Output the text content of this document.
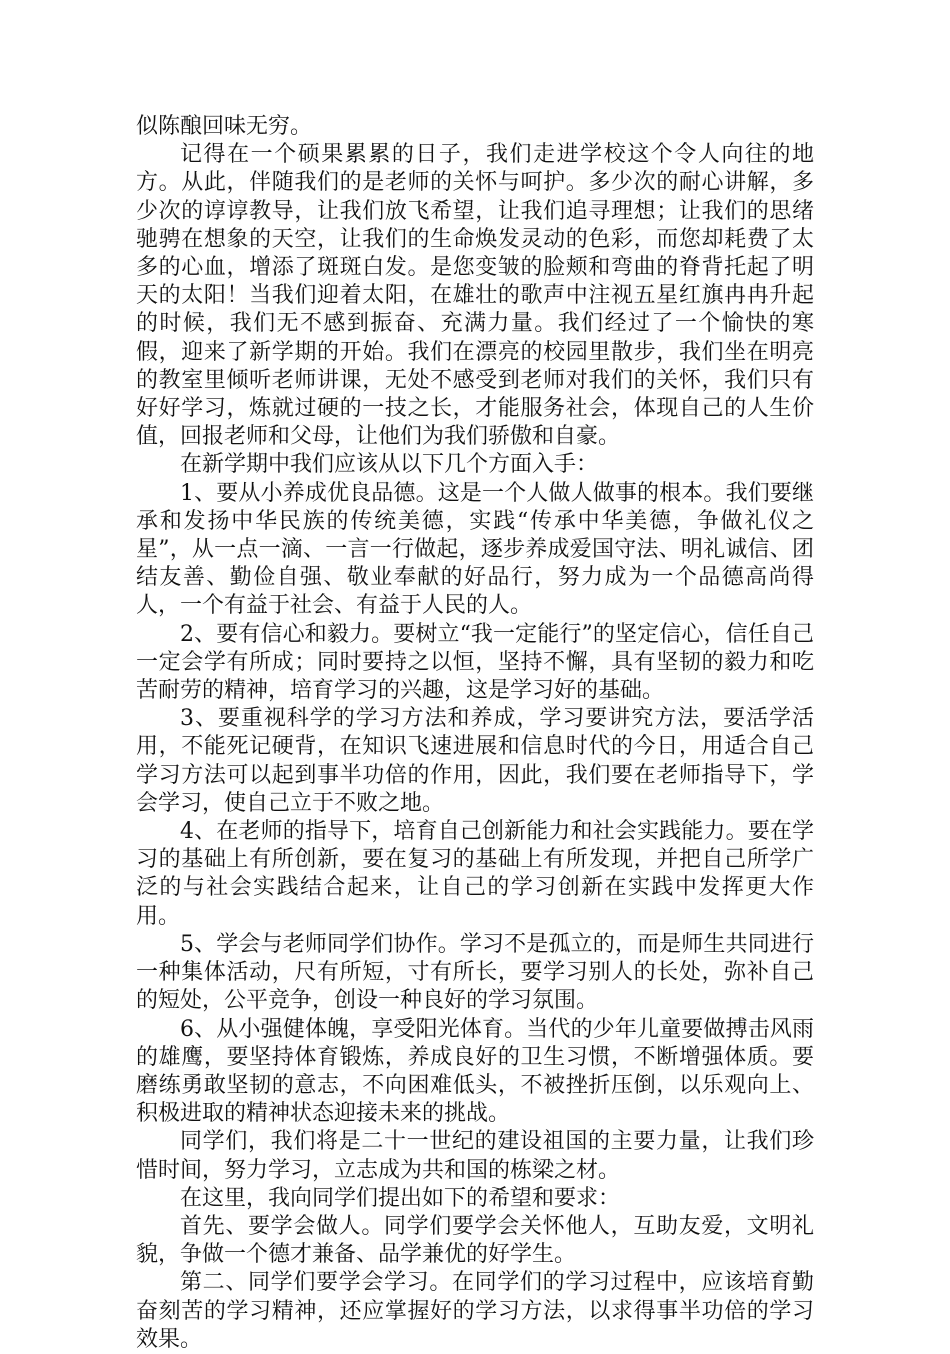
似陈酿回味无穷。

记得在一个硕果累累的日子，我们走进学校这个令人向往的地方。从此，伴随我们的是老师的关怀与呵护。多少次的耐心讲解，多少次的谆谆教导，让我们放飞希望，让我们追寻理想；让我们的思绪驰骋在想象的天空，让我们的生命焕发灵动的色彩，而您却耗费了太多的心血，增添了斑斑白发。是您变皱的脸颊和弯曲的脊背托起了明天的太阳！当我们迎着太阳，在雄壮的歌声中注视五星红旗冉冉升起的时候，我们无不感到振奋、充满力量。我们经过了一个愉快的寒假，迎来了新学期的开始。我们在漂亮的校园里散步，我们坐在明亮的教室里倾听老师讲课，无处不感受到老师对我们的关怀，我们只有好好学习，炼就过硬的一技之长，才能服务社会，体现自己的人生价值，回报老师和父母，让他们为我们骄傲和自豪。

在新学期中我们应该从以下几个方面入手：

1、要从小养成优良品德。这是一个人做人做事的根本。我们要继承和发扬中华民族的传统美德，实践“传承中华美德，争做礼仪之星”，从一点一滴、一言一行做起，逐步养成爱国守法、明礼诚信、团结友善、勤俭自强、敬业奉献的好品行，努力成为一个品德高尚得人，一个有益于社会、有益于人民的人。

2、要有信心和毅力。要树立“我一定能行”的坚定信心，信任自己一定会学有所成；同时要持之以恒，坚持不懈，具有坚韧的毅力和吃苦耐劳的精神，培育学习的兴趣，这是学习好的基础。

3、要重视科学的学习方法和养成，学习要讲究方法，要活学活用，不能死记硬背，在知识飞速进展和信息时代的今日，用适合自己学习方法可以起到事半功倍的作用，因此，我们要在老师指导下，学会学习，使自己立于不败之地。

4、在老师的指导下，培育自己创新能力和社会实践能力。要在学习的基础上有所创新，要在复习的基础上有所发现，并把自己所学广泛的与社会实践结合起来，让自己的学习创新在实践中发挥更大作用。

5、学会与老师同学们协作。学习不是孤立的，而是师生共同进行一种集体活动，尺有所短，寸有所长，要学习别人的长处，弥补自己的短处，公平竞争，创设一种良好的学习氛围。

6、从小强健体魄，享受阳光体育。当代的少年儿童要做搏击风雨的雄鹰，要坚持体育锻炼，养成良好的卫生习惯，不断增强体质。要磨练勇敢坚韧的意志，不向困难低头，不被挫折压倒，以乐观向上、积极进取的精神状态迎接未来的挑战。

同学们，我们将是二十一世纪的建设祖国的主要力量，让我们珍惜时间，努力学习，立志成为共和国的栋梁之材。

在这里，我向同学们提出如下的希望和要求：

首先、要学会做人。同学们要学会关怀他人，互助友爱，文明礼貌，争做一个德才兼备、品学兼优的好学生。

第二、同学们要学会学习。在同学们的学习过程中，应该培育勤奋刻苦的学习精神，还应掌握好的学习方法，以求得事半功倍的学习效果。
